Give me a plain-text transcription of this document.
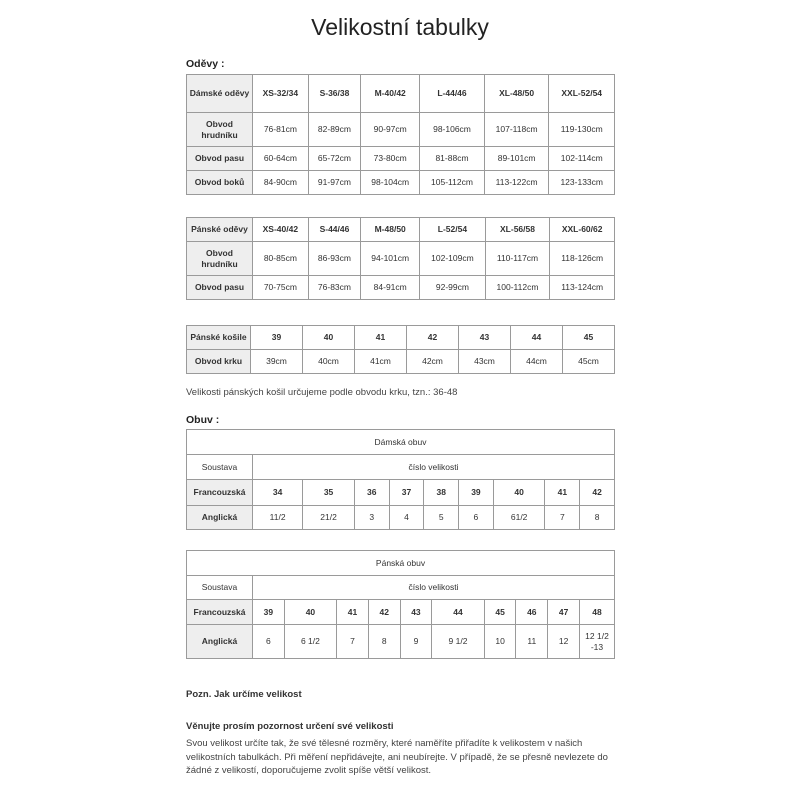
Velikostní tabulky
Oděvy :
Dámské oděvy	XS-32/34	S-36/38	M-40/42	L-44/46	XL-48/50	XXL-52/54
Obvod hrudníku	76-81cm	82-89cm	90-97cm	98-106cm	107-118cm	119-130cm
Obvod pasu	60-64cm	65-72cm	73-80cm	81-88cm	89-101cm	102-114cm
Obvod boků	84-90cm	91-97cm	98-104cm	105-112cm	113-122cm	123-133cm
Pánské oděvy	XS-40/42	S-44/46	M-48/50	L-52/54	XL-56/58	XXL-60/62
Obvod hrudníku	80-85cm	86-93cm	94-101cm	102-109cm	110-117cm	118-126cm
Obvod pasu	70-75cm	76-83cm	84-91cm	92-99cm	100-112cm	113-124cm
Pánské košile	39	40	41	42	43	44	45
Obvod krku	39cm	40cm	41cm	42cm	43cm	44cm	45cm
Velikosti pánských košil určujeme podle obvodu krku, tzn.: 36-48
Obuv :
Dámská obuv									
Soustava	číslo velikosti								
Francouzská	34	35	36	37	38	39	40	41	42
Anglická	11/2	21/2	3	4	5	6	61/2	7	8
Pánská obuv										
Soustava	číslo velikosti									
Francouzská	39	40	41	42	43	44	45	46	47	48
Anglická	6	6 1/2	7	8	9	9 1/2	10	11	12	12 1/2 -13
Pozn. Jak určíme velikost
Věnujte prosím pozornost určení své velikosti
Svou velikost určíte tak, že své tělesné rozměry, které naměříte přiřadíte k velikostem v našich velikostních tabulkách. Při měření nepřidávejte, ani neubírejte. V případě, že se přesně nevlezete do žádné z velikostí, doporučujeme zvolit spíše větší velikost.
